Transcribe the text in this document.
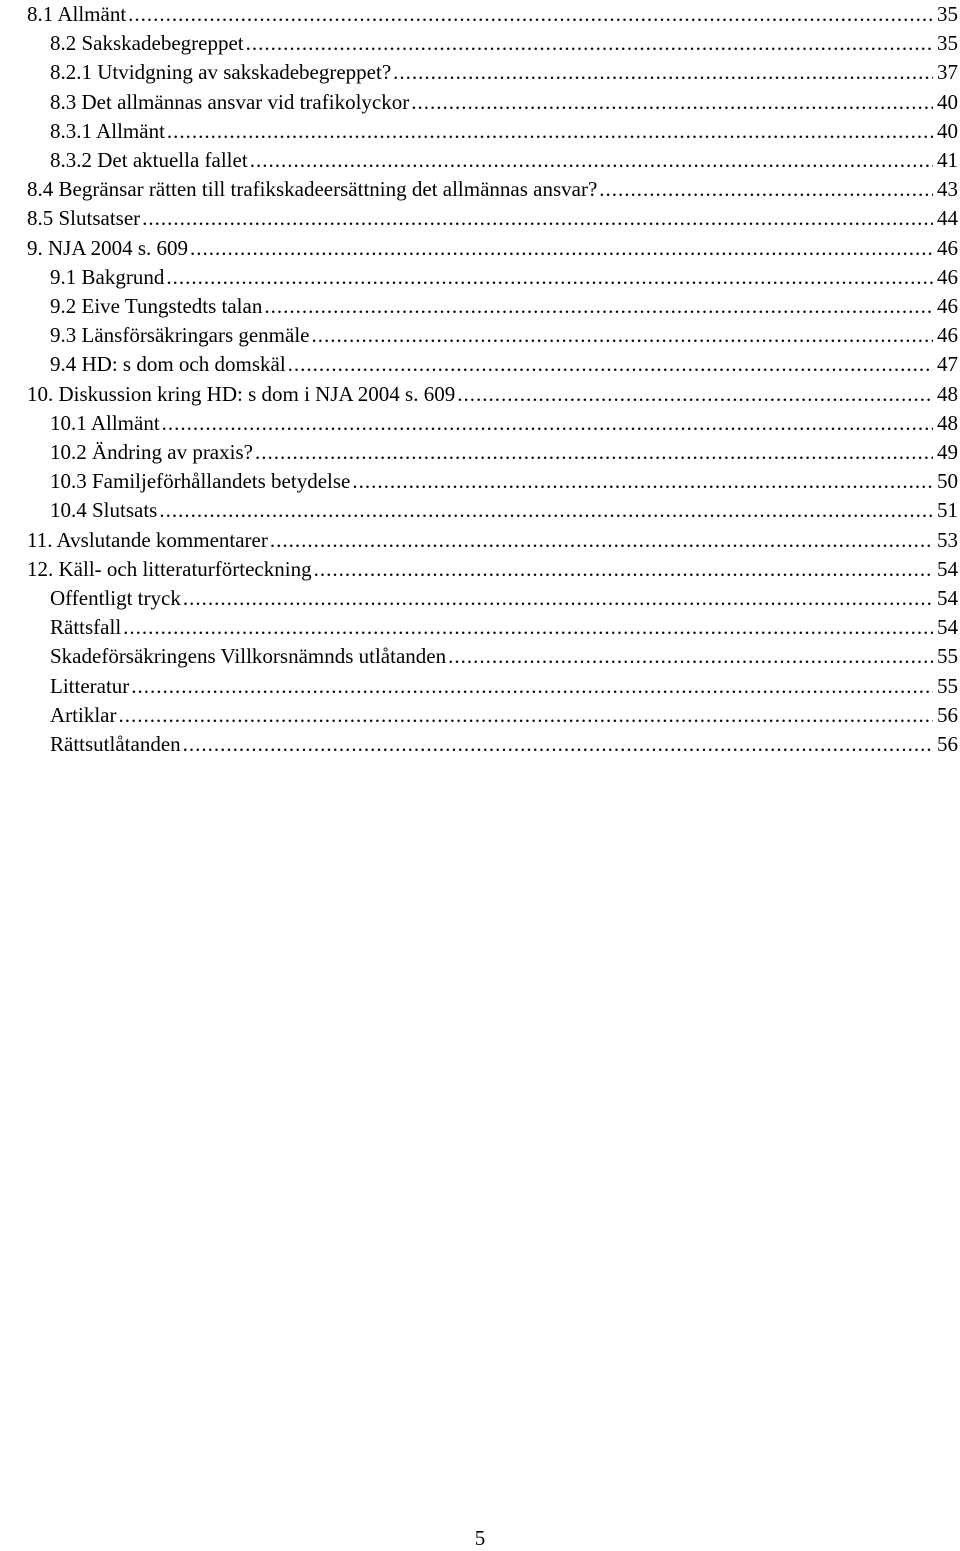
8.1 Allmänt .....	35
8.2 Sakskadebegreppet .....	35
8.2.1 Utvidgning av sakskadebegreppet? .....	37
8.3 Det allmännas ansvar vid trafikolyckor .....	40
8.3.1 Allmänt .....	40
8.3.2 Det aktuella fallet .....	41
8.4 Begränsar rätten till trafikskadeersättning det allmännas ansvar? .....	43
8.5 Slutsatser .....	44
9. NJA 2004 s. 609 .....	46
9.1 Bakgrund .....	46
9.2 Eive Tungstedts talan .....	46
9.3 Länsförsäkringars genmäle .....	46
9.4 HD: s dom och domskäl .....	47
10. Diskussion kring HD: s dom i NJA 2004 s. 609 .....	48
10.1 Allmänt .....	48
10.2 Ändring av praxis? .....	49
10.3 Familjeförhållandets betydelse .....	50
10.4 Slutsats .....	51
11. Avslutande kommentarer .....	53
12. Käll- och litteraturförteckning .....	54
Offentligt tryck .....	54
Rättsfall .....	54
Skadeförsäkringens Villkorsnämnds utlåtanden .....	55
Litteratur .....	55
Artiklar .....	56
Rättsutlåtanden .....	56
5
